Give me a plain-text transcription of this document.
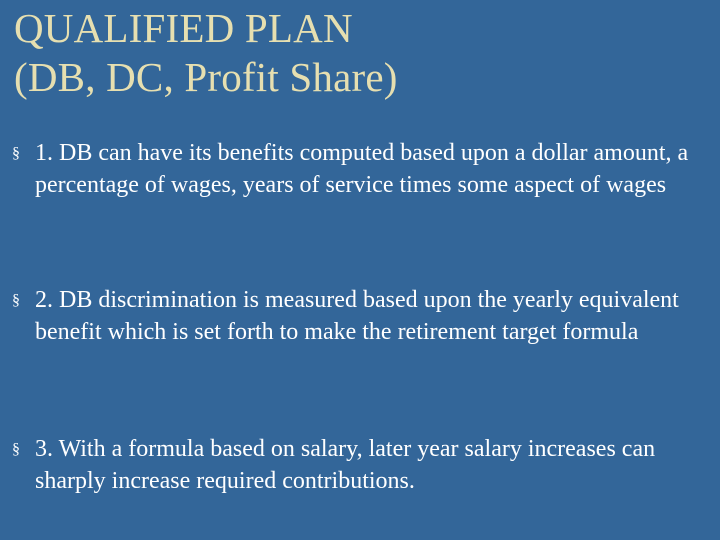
QUALIFIED PLAN
(DB, DC, Profit Share)
§ 1. DB can have its benefits computed based upon a dollar amount, a percentage of wages, years of service times some aspect of wages
§ 2. DB discrimination is measured based upon the yearly equivalent benefit which is set forth to make the retirement target formula
§ 3. With a formula based on salary, later year salary increases can sharply increase required contributions.
